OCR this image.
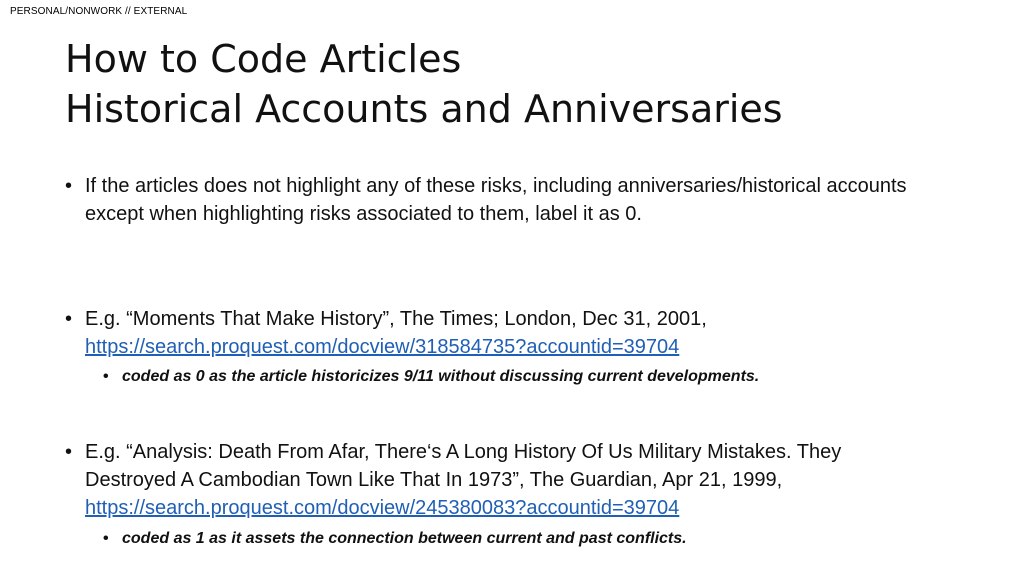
PERSONAL/NONWORK // EXTERNAL
How to Code Articles
Historical Accounts and Anniversaries
• If the articles does not highlight any of these risks, including anniversaries/historical accounts except when highlighting risks associated to them, label it as 0.
• E.g. “Moments That Make History”, The Times; London, Dec 31, 2001,
https://search.proquest.com/docview/318584735?accountid=39704
• coded as 0 as the article historicizes 9/11 without discussing current developments.
• E.g. “Analysis: Death From Afar, There‘s A Long History Of Us Military Mistakes. They Destroyed A Cambodian Town Like That In 1973”, The Guardian, Apr 21, 1999, https://search.proquest.com/docview/245380083?accountid=39704
• coded as 1 as it assets the connection between current and past conflicts.
